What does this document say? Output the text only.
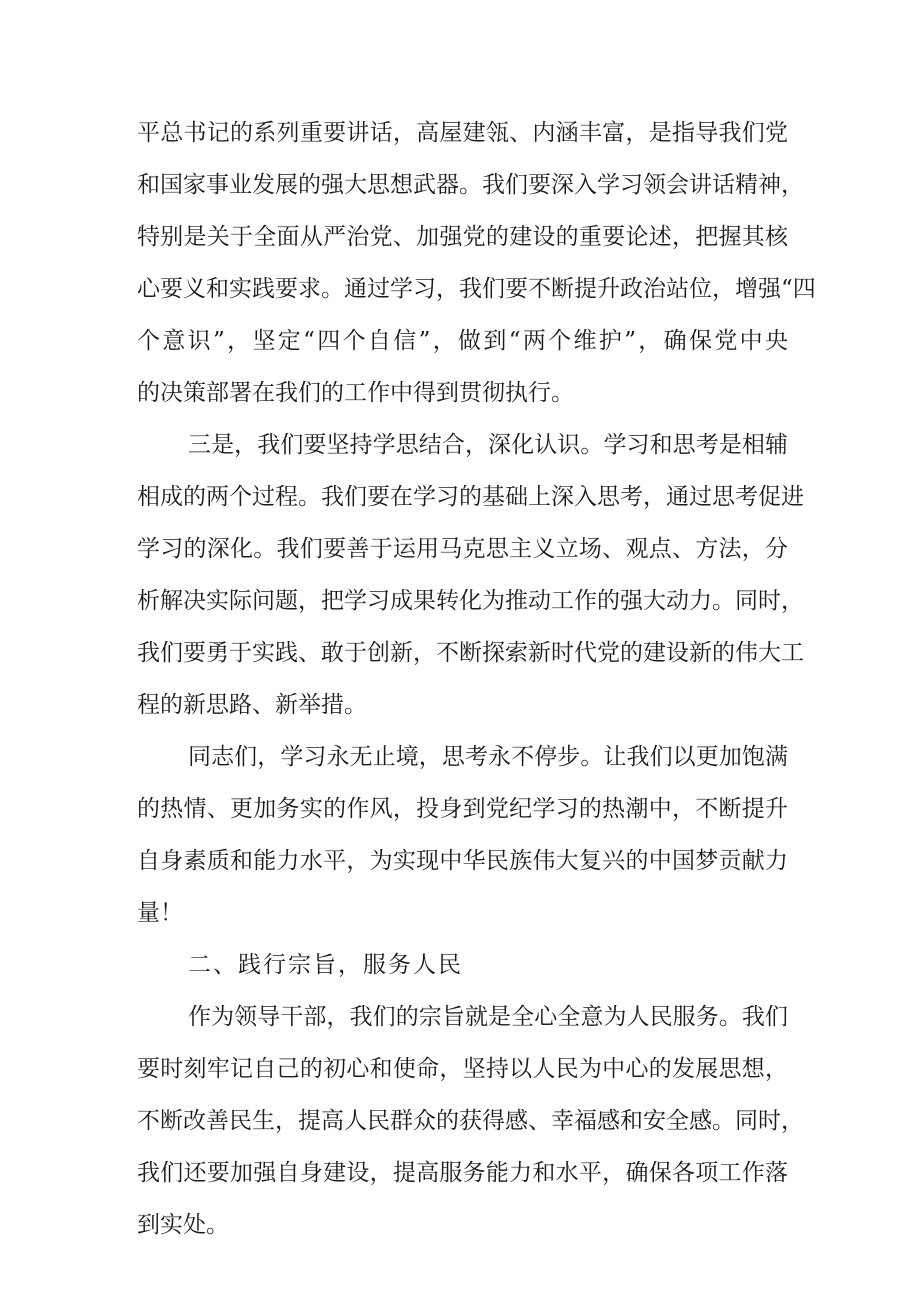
平总书记的系列重要讲话，高屋建瓴、内涵丰富，是指导我们党
和国家事业发展的强大思想武器。我们要深入学习领会讲话精神，
特别是关于全面从严治党、加强党的建设的重要论述，把握其核
心要义和实践要求。通过学习，我们要不断提升政治站位，增强“四
个意识”，坚定“四个自信”，做到“两个维护”，确保党中央
的决策部署在我们的工作中得到贯彻执行。
三是，我们要坚持学思结合，深化认识。学习和思考是相辅
相成的两个过程。我们要在学习的基础上深入思考，通过思考促进
学习的深化。我们要善于运用马克思主义立场、观点、方法，分
析解决实际问题，把学习成果转化为推动工作的强大动力。同时，
我们要勇于实践、敢于创新，不断探索新时代党的建设新的伟大工
程的新思路、新举措。
同志们，学习永无止境，思考永不停步。让我们以更加饱满
的热情、更加务实的作风，投身到党纪学习的热潮中，不断提升
自身素质和能力水平，为实现中华民族伟大复兴的中国梦贡献力
量！
二、践行宗旨，服务人民
作为领导干部，我们的宗旨就是全心全意为人民服务。我们
要时刻牢记自己的初心和使命，坚持以人民为中心的发展思想，
不断改善民生，提高人民群众的获得感、幸福感和安全感。同时，
我们还要加强自身建设，提高服务能力和水平，确保各项工作落
到实处。
